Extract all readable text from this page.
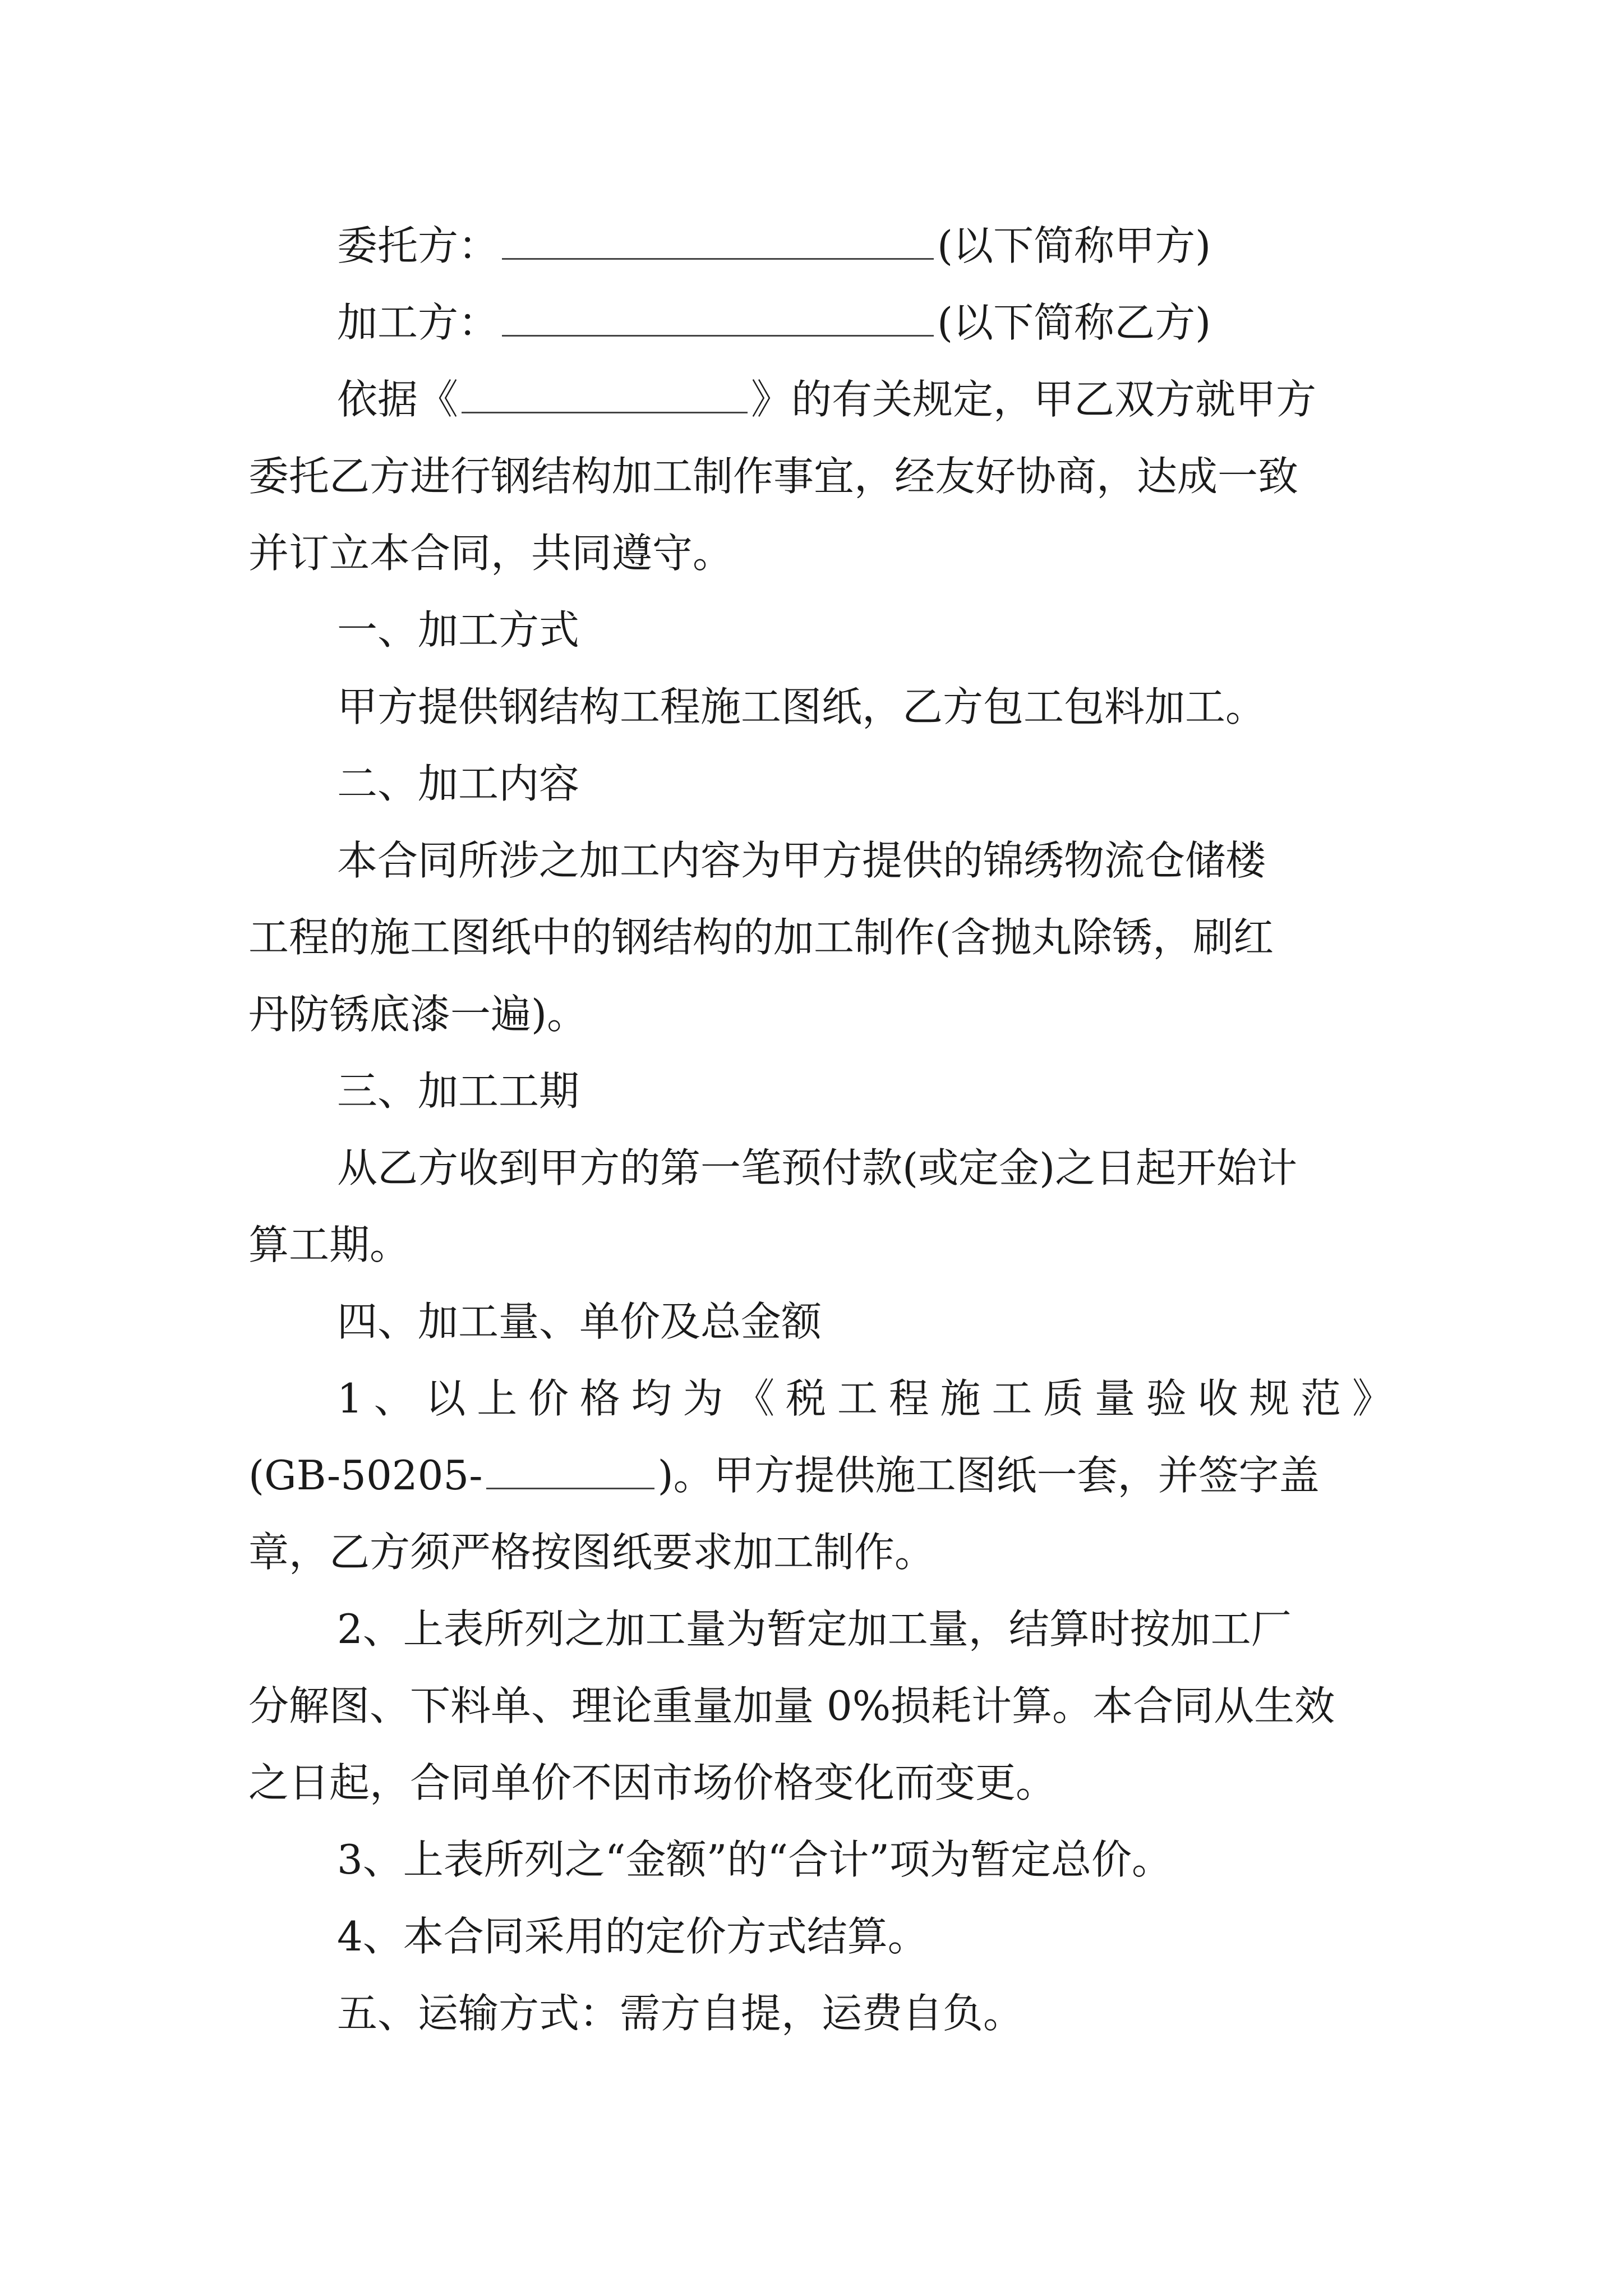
委托方：	(以下简称甲方)
加工方：	(以下简称乙方)
依据《	》的有关规定，甲乙双方就甲方
委托乙方进行钢结构加工制作事宜，经友好协商，达成一致
并订立本合同，共同遵守。
一、加工方式
甲方提供钢结构工程施工图纸，乙方包工包料加工。
二、加工内容
本合同所涉之加工内容为甲方提供的锦绣物流仓储楼
工程的施工图纸中的钢结构的加工制作(含抛丸除锈，刷红
丹防锈底漆一遍)。
三、加工工期
从乙方收到甲方的第一笔预付款(或定金)之日起开始计
算工期。
四、加工量、单价及总金额
1、以上价格均为《税工程施工质量验收规范》
(GB-50205-	)。甲方提供施工图纸一套，并签字盖
章，乙方须严格按图纸要求加工制作。
2、上表所列之加工量为暂定加工量，结算时按加工厂
分解图、下料单、理论重量加量 0%损耗计算。本合同从生效
之日起，合同单价不因市场价格变化而变更。
3、上表所列之“金额”的“合计”项为暂定总价。
4、本合同采用的定价方式结算。
五、运输方式：需方自提，运费自负。
